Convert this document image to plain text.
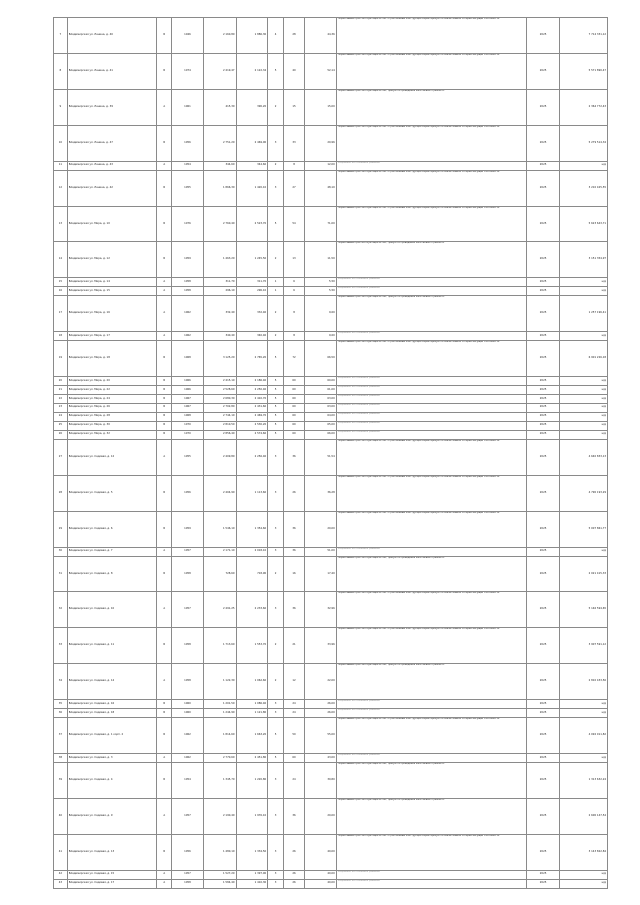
7	Владимирская ул. Ленина, д. 40	Б	1946	2 160,80	1 886,30	4	28	44,36	Нормативный срок эксплуатации истек. Строительные конструкции характеризуются значительной потерей несущей способности.	2025	7 714 331,12
8	Владимирская ул. Ленина, д. 41	Б	1974	2 419,47	2 122,34	5	40	52,14	Нормативный срок эксплуатации истек. Строительные конструкции характеризуются значительной потерей несущей способности.	2025	5 571 890,47
9	Владимирская ул. Ленина, д. 39	А	1961	415,30	390,20	2	15	15,00	Нормативный срок эксплуатации истек, требуется проведение капитального ремонта.	2025	2 364 772,43
10	Владимирская ул. Ленина, д. 47	Б	1956	2 751,20	2 469,00	3	33	20,96	Нормативный срок эксплуатации истек. Строительные конструкции характеризуются значительной потерей несущей способности.	2025	5 279 514,34
11	Владимирская ул. Ленина, д. 43	А	1954	344,60	344,60	2	8	12,00	Разрешено на основании решения	2025	н/д
12	Владимирская ул. Ленина, д. 42	Б	1955	1 866,30	1 420,10	3	27	48,10	Нормативный срок эксплуатации истек. Строительные конструкции характеризуются значительной потерей несущей способности.	2025	3 210 425,55
13	Владимирская ул. Мира, д. 10	Б	1976	2 760,40	2 523,70	5	54	71,00	Нормативный срок эксплуатации истек. Строительные конструкции характеризуются значительной потерей несущей способности.	2025	5 623 643,71
14	Владимирская ул. Мира, д. 12	Б	1959	1 463,20	1 245,50	2	13	11,50	Нормативный срok эксплуатации истек, требуется проведение капитального ремонта.	2025	3 151 354,97
15	Владимирская ул. Мира, д. 14	А	1958	311,70	311,70	1	6	5,50	Разрешено на основании решения	2025	н/д
16	Владимирская ул. Мира, д. 15	А	1958	296,10	296,10	1	6	5,50	Разрешено на основании решения	2025	н/д
17	Владимирская ул. Мира, д. 16	А	1962	332,40	332,40	2	8	9,00	Нормативный срок эксплуатации истек, требуется проведение капитального ремонта.	2025	1 257 196,41
18	Владимирская ул. Мира, д. 17	А	1962	340,40	340,40	2	8	9,00	Разрешено на основании решения	2025	н/д
19	Владимирская ул. Мира, д. 18	Б	1968	3 125,20	2 765,20	5	72	66,50	Нормативный срок эксплуатации истек. Строительные конструкции характеризуются значительной потерей несущей способности.	2025	6 901 226,18
20	Владимирская ул. Мира, д. 20	Б	1966	2 415,10	2 186,40	5	60	60,00	Разрешено на основании решения	2025	н/д
21	Владимирская ул. Мира, д. 22	Б	1966	2 528,60	2 250,40	5	60	61,00	Разрешено на основании решения	2025	н/д
22	Владимирская ул. Мира, д. 24	Б	1967	2 680,30	2 410,70	5	60	63,00	Разрешено на основании решения	2025	н/д
23	Владимирская ул. Мира, д. 26	Б	1967	2 702,80	2 431,60	5	60	63,00	Разрешено на основании решения	2025	н/д
24	Владимирская ул. Мира, д. 28	Б	1968	2 744,10	2 469,70	5	60	64,00	Разрешено на основании решения	2025	н/д
25	Владимирская ул. Мира, д. 30	Б	1970	2 810,50	2 530,20	5	60	65,00	Разрешено на основании решения	2025	н/д
26	Владимирская ул. Мира, д. 32	Б	1970	2 856,40	2 574,60	5	60	66,00	Разрешено на основании решения	2025	н/д
27	Владимирская ул. Садовая, д. 12	А	1955	2 409,80	2 256,40	3	36	51,54	Нормативный срок эксплуатации истек. Строительные конструкции характеризуются значительной потерей несущей способности.	2025	4 640 833,13
28	Владимирская ул. Садовая, д. 5	Б	1956	2 404,90	1 113,60	3	26	36,28	Нормативный срок эксплуатации истек. Строительные конструкции характеризуются значительной потерей несущей способности.	2025	4 790 193,29
29	Владимирская ул. Садовая, д. 6	Б	1959	1 546,10	1 354,60	3	36	20,00	Нормативный срок эксплуатации истек. Строительные конструкции характеризуются значительной потерей несущей способности.	2025	5 007 861,77
30	Владимирская ул. Садовая, д. 7	А	1957	2 171,10	2 018,10	3	36	51,00	Разрешено на основании решения	2025	н/д
31	Владимирская ул. Садовая, д. 8	Б	1958	728,60	718,90	2	16	17,40	Нормативный срок эксплуатации истек, требуется проведение капитального ремонта.	2025	2 021 415,33
32	Владимирская ул. Садовая, д. 10	А	1957	2 491,25	2 233,60	3	36	32,96	Нормативный срок эксплуатации истек. Строительные конструкции характеризуются значительной потерей несущей способности.	2025	5 146 594,65
33	Владимирская ул. Садовая, д. 11	Б	1958	1 713,60	1 553,70	2	21	33,96	Нормативный срок эксплуатации истек. Строительные конструкции характеризуются значительной потерей несущей способности.	2025	3 907 591,12
34	Владимирская ул. Садовая, д. 14	А	1958	1 122,30	1 062,60	2	12	22,00	Нормативный срок эксплуатации истек, требуется проведение капитального ремонта.	2025	2 810 433,56
35	Владимирская ул. Садовая, д. 16	Б	1960	1 201,50	1 086,40	3	24	26,00	Разрешено на основании решения	2025	н/д
36	Владимирская ул. Садовая, д. 18	Б	1960	1 244,90	1 121,80	3	24	26,00	Разрешено на основании решения	2025	н/д
37	Владимирская ул. Садовая, д. 1 корп. 2	Б	1962	1 814,60	1 663,20	5	50	55,00	Нормативный срок эксплуатации истек. Строительные конструкции характеризуются значительной потерей несущей способности.	2025	4 092 011,82
38	Владимирская ул. Садовая, д. 3	А	1962	2 770,60	2 451,80	5	60	43,00	Разрешено на основании решения	2025	н/д
39	Владимирская ул. Садовая, д. 4	Б	1954	1 345,70	1 220,80	3	24	30,80	Нормативный срок эксплуатации истек, требуется проведение капитального ремонта.	2025	1 313 632,24
40	Владимирская ул. Садовая, д. 9	А	1957	2 190,40	1 976,10	3	36	20,00	Нормативный срок эксплуатации истек, требуется проведение капитального ремонта.	2025	2 600 147,54
41	Владимирская ул. Садовая, д. 13	Б	1956	1 480,10	1 334,50	3	26	40,00	Нормативный срок эксплуатации истек. Строительные конструкции характеризуются значительной потерей несущей способности.	2025	3 143 822,84
42	Владимирская ул. Садовая, д. 15	А	1957	1 527,20	1 397,00	3	26	40,00	Разрешено на основании решения	2025	н/д
43	Владимирская ул. Садовая, д. 17	А	1958	1 584,40	1 410,30	3	26	40,00	Разрешено на основании решения	2025	н/д
